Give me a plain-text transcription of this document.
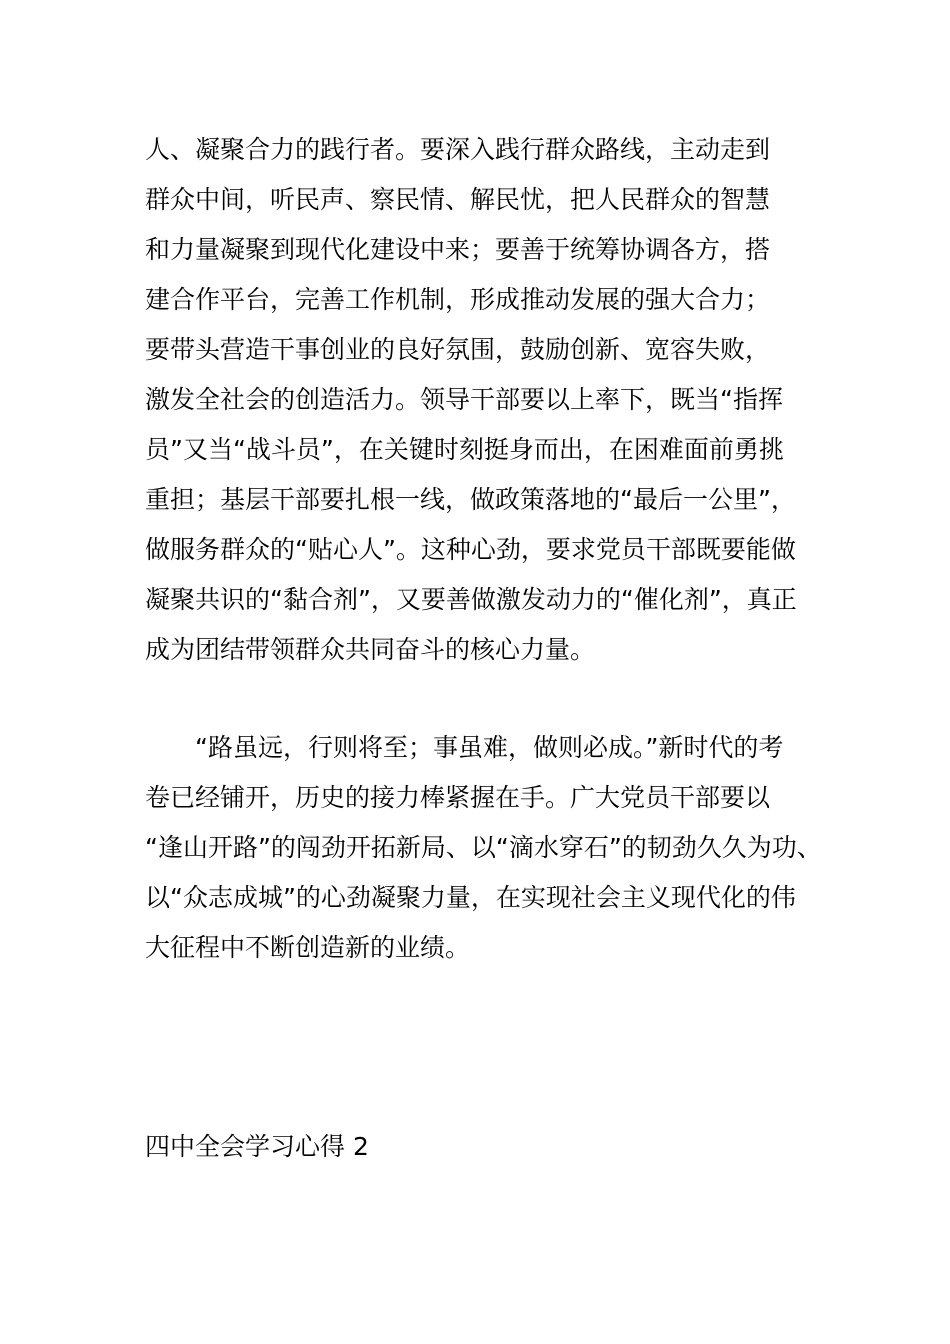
人、凝聚合力的践行者。要深入践行群众路线，主动走到
群众中间，听民声、察民情、解民忧，把人民群众的智慧
和力量凝聚到现代化建设中来；要善于统筹协调各方，搭
建合作平台，完善工作机制，形成推动发展的强大合力；
要带头营造干事创业的良好氛围，鼓励创新、宽容失败，
激发全社会的创造活力。领导干部要以上率下，既当“指挥
员”又当“战斗员”，在关键时刻挺身而出，在困难面前勇挑
重担；基层干部要扎根一线，做政策落地的“最后一公里”，
做服务群众的“贴心人”。这种心劲，要求党员干部既要能做
凝聚共识的“黏合剂”，又要善做激发动力的“催化剂”，真正
成为团结带领群众共同奋斗的核心力量。
“路虽远，行则将至；事虽难，做则必成。”新时代的考
卷已经铺开，历史的接力棒紧握在手。广大党员干部要以
“逢山开路”的闯劲开拓新局、以“滴水穿石”的韧劲久久为功、
以“众志成城”的心劲凝聚力量，在实现社会主义现代化的伟
大征程中不断创造新的业绩。
四中全会学习心得 2
